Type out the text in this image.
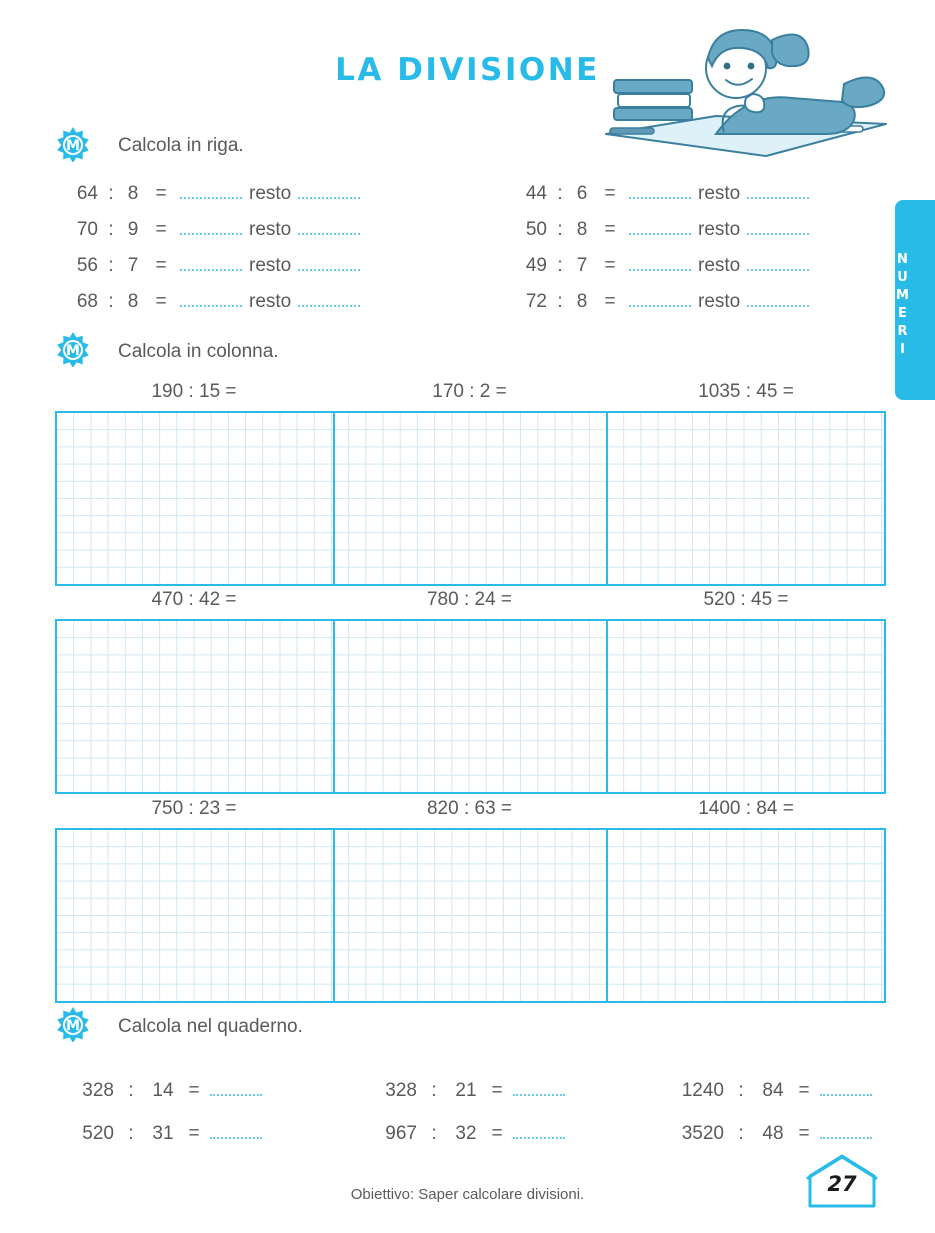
LA DIVISIONE
NUMERI
M	Calcola in riga.
64 : 8 =	resto
70 : 9 =	resto
56 : 7 =	resto
68 : 8 =	resto
44 : 6 =	resto
50 : 8 =	resto
49 : 7 =	resto
72 : 8 =	resto
M	Calcola in colonna.
190 : 15 =	170 : 2 =	1035 : 45 =
470 : 42 =	780 : 24 =	520 : 45 =
750 : 23 =	820 : 63 =	1400 : 84 =
M	Calcola nel quaderno.
328 : 14 =	328 : 21 =	1240 : 84 =
520 : 31 =	967 : 32 =	3520 : 48 =
Obiettivo: Saper calcolare divisioni.	27
